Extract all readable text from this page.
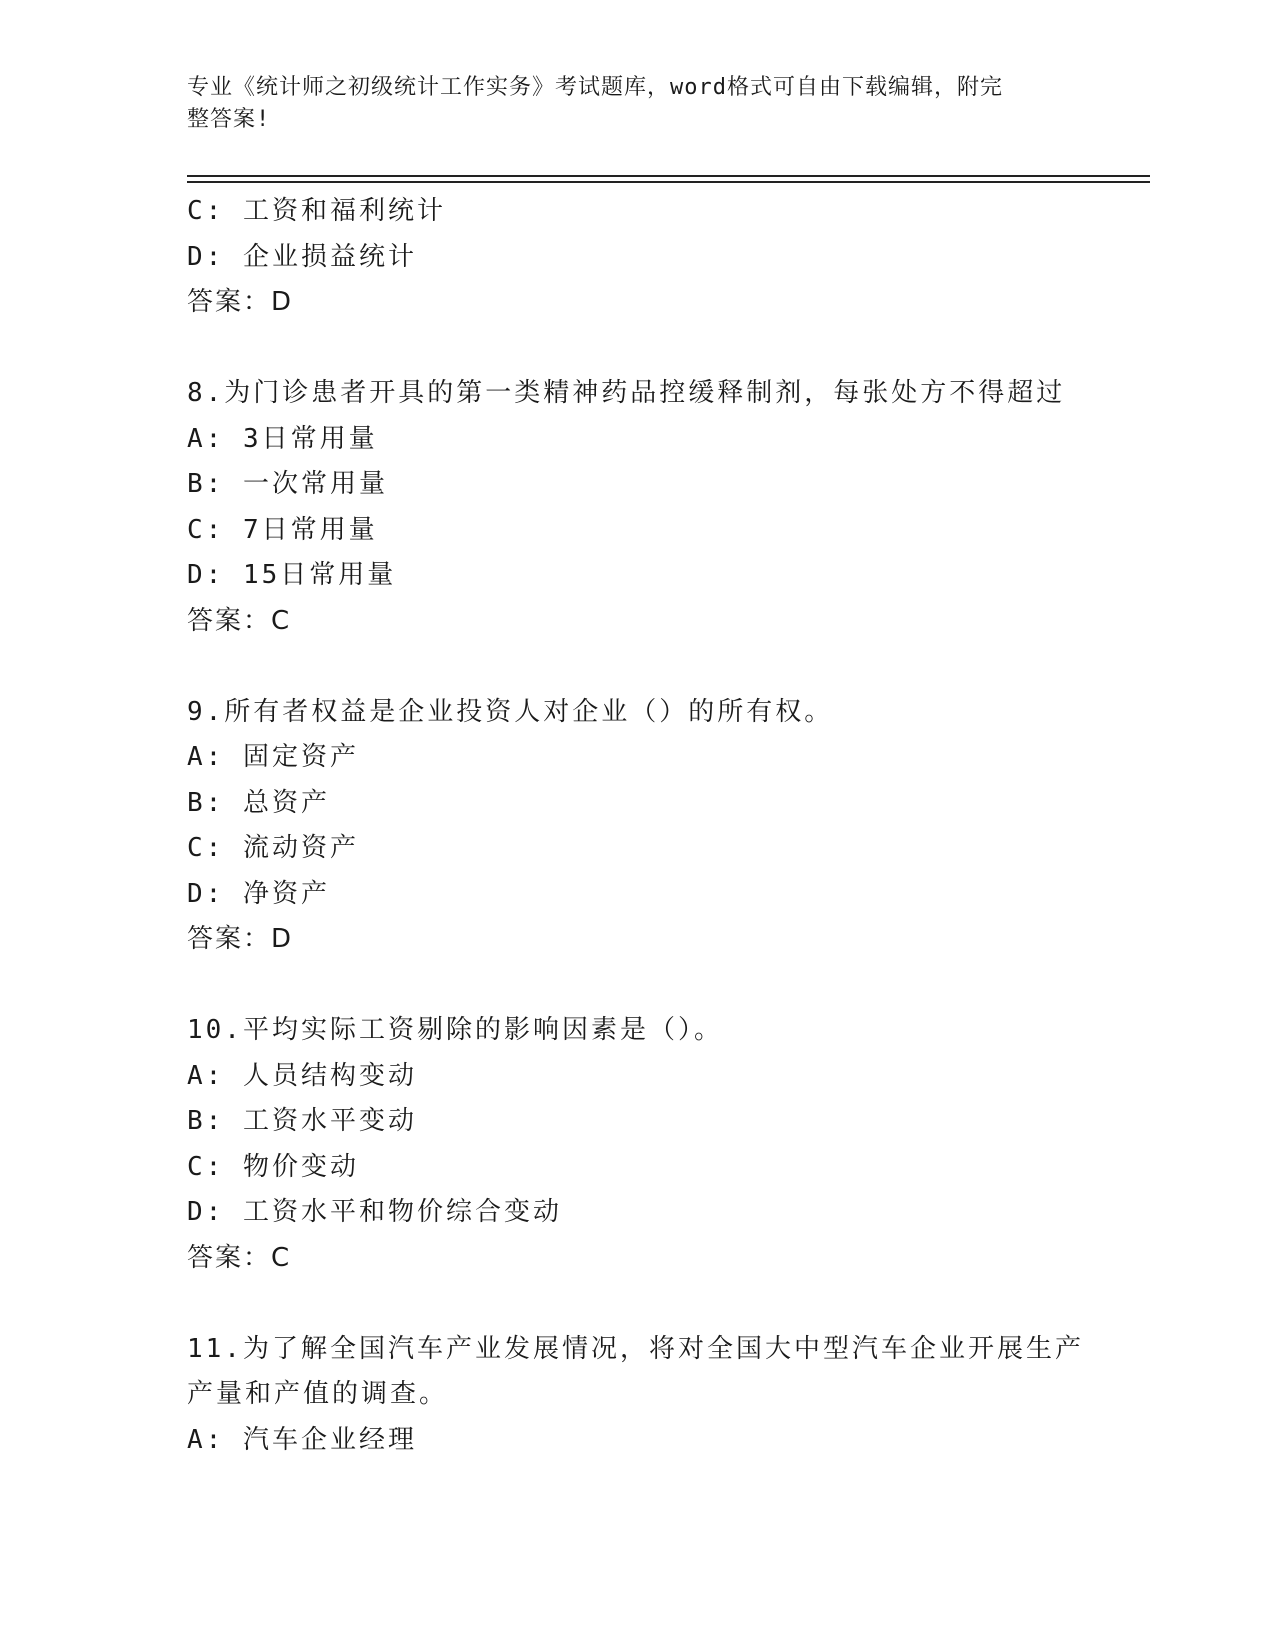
专业《统计师之初级统计工作实务》考试题库，word格式可自由下载编辑，附完
整答案!
C: 工资和福利统计
D: 企业损益统计
答案：D
8.为门诊患者开具的第一类精神药品控缓释制剂，每张处方不得超过
A: 3日常用量
B: 一次常用量
C: 7日常用量
D: 15日常用量
答案：C
9.所有者权益是企业投资人对企业（）的所有权。
A: 固定资产
B: 总资产
C: 流动资产
D: 净资产
答案：D
10.平均实际工资剔除的影响因素是（）。
A: 人员结构变动
B: 工资水平变动
C: 物价变动
D: 工资水平和物价综合变动
答案：C
11.为了解全国汽车产业发展情况，将对全国大中型汽车企业开展生产
产量和产值的调查。
A: 汽车企业经理
